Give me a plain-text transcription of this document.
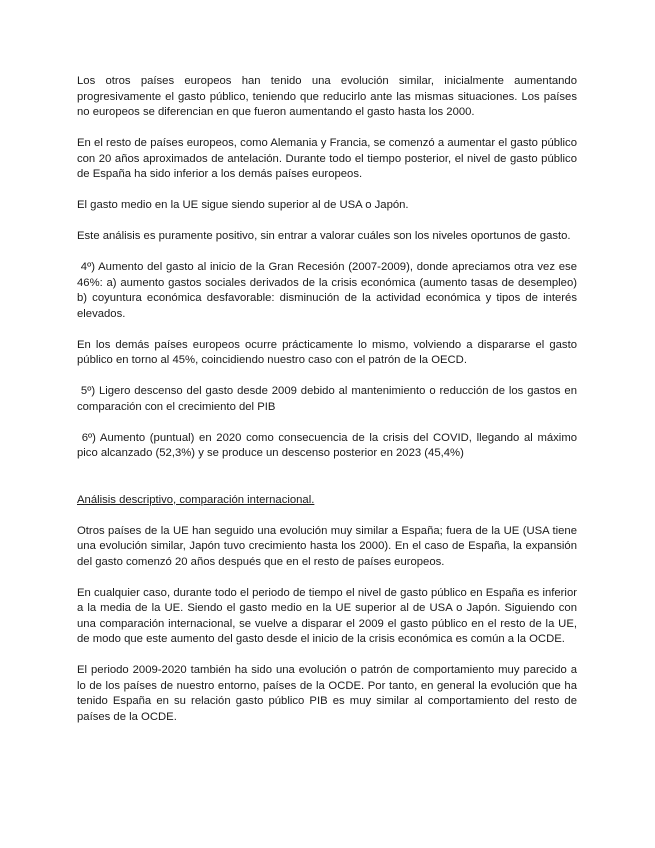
Los otros países europeos han tenido una evolución similar, inicialmente aumentando progresivamente el gasto público, teniendo que reducirlo ante las mismas situaciones. Los países no europeos se diferencian en que fueron aumentando el gasto hasta los 2000.

En el resto de países europeos, como Alemania y Francia, se comenzó a aumentar el gasto público con 20 años aproximados de antelación. Durante todo el tiempo posterior, el nivel de gasto público de España ha sido inferior a los demás países europeos.

El gasto medio en la UE sigue siendo superior al de USA o Japón.

Este análisis es puramente positivo, sin entrar a valorar cuáles son los niveles oportunos de gasto.

4º) Aumento del gasto al inicio de la Gran Recesión (2007-2009), donde apreciamos otra vez ese 46%: a) aumento gastos sociales derivados de la crisis económica (aumento tasas de desempleo) b) coyuntura económica desfavorable: disminución de la actividad económica y tipos de interés elevados.

En los demás países europeos ocurre prácticamente lo mismo, volviendo a dispararse el gasto público en torno al 45%, coincidiendo nuestro caso con el patrón de la OECD.

5º) Ligero descenso del gasto desde 2009 debido al mantenimiento o reducción de los gastos en comparación con el crecimiento del PIB

6º) Aumento (puntual) en 2020 como consecuencia de la crisis del COVID, llegando al máximo pico alcanzado (52,3%) y se produce un descenso posterior en 2023 (45,4%)

Análisis descriptivo, comparación internacional.

Otros países de la UE han seguido una evolución muy similar a España; fuera de la UE (USA tiene una evolución similar, Japón tuvo crecimiento hasta los 2000). En el caso de España, la expansión del gasto comenzó 20 años después que en el resto de países europeos.

En cualquier caso, durante todo el periodo de tiempo el nivel de gasto público en España es inferior a la media de la UE. Siendo el gasto medio en la UE superior al de USA o Japón. Siguiendo con una comparación internacional, se vuelve a disparar el 2009 el gasto público en el resto de la UE, de modo que este aumento del gasto desde el inicio de la crisis económica es común a la OCDE.

El periodo 2009-2020 también ha sido una evolución o patrón de comportamiento muy parecido a lo de los países de nuestro entorno, países de la OCDE. Por tanto, en general la evolución que ha tenido España en su relación gasto público PIB es muy similar al comportamiento del resto de países de la OCDE.
